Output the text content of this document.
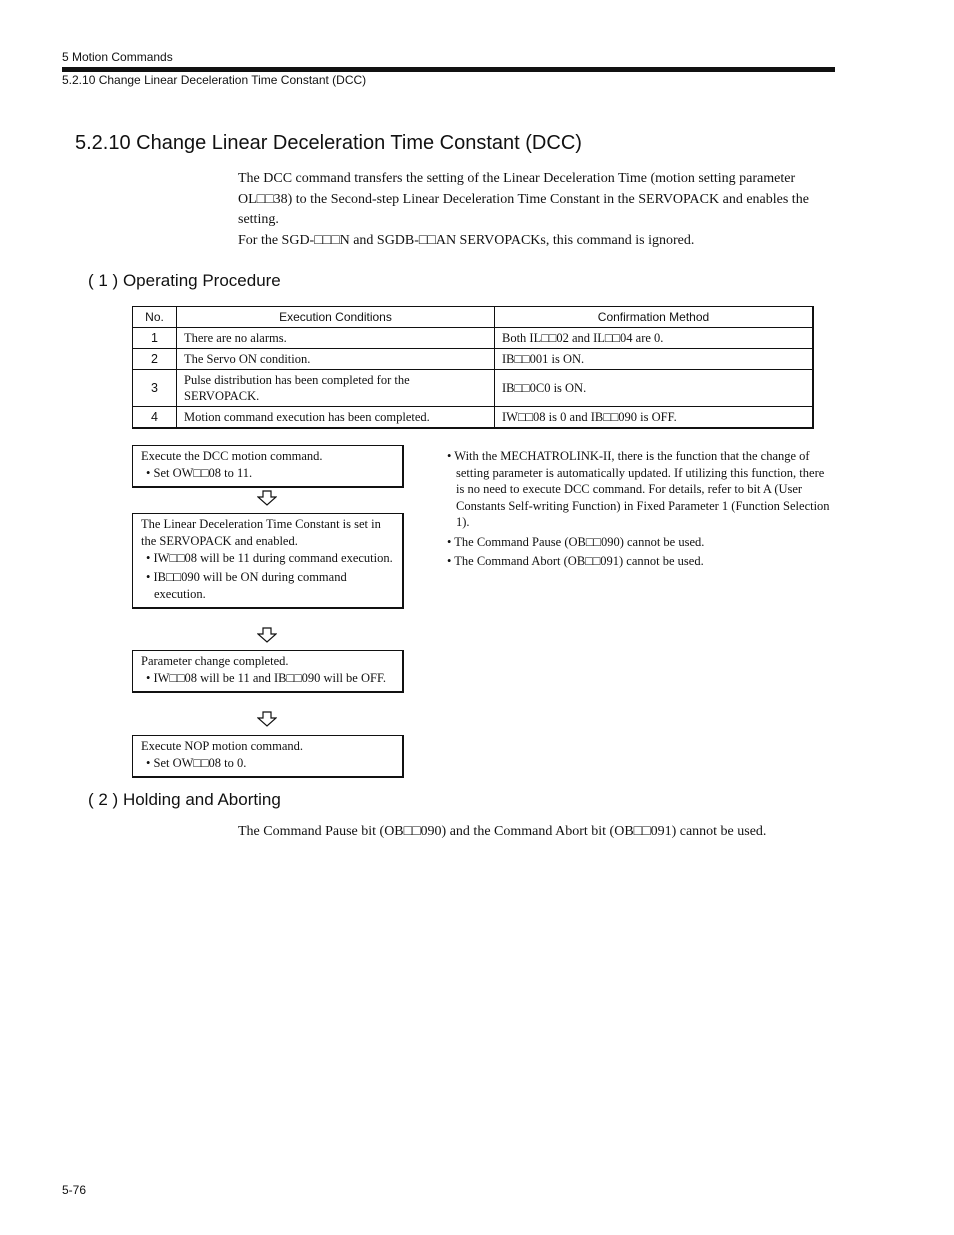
5 Motion Commands
5.2.10 Change Linear Deceleration Time Constant (DCC)
5.2.10 Change Linear Deceleration Time Constant (DCC)

The DCC command transfers the setting of the Linear Deceleration Time (motion setting parameter OL□□38) to the Second-step Linear Deceleration Time Constant in the SERVOPACK and enables the setting.

For the SGD-□□□N and SGDB-□□AN SERVOPACKs, this command is ignored.

( 1 ) Operating Procedure
No.	Execution Conditions	Confirmation Method
1	There are no alarms.	Both IL□□02 and IL□□04 are 0.
2	The Servo ON condition.	IB□□001 is ON.
3	Pulse distribution has been completed for the SERVOPACK.	IB□□0C0 is ON.
4	Motion command execution has been completed.	IW□□08 is 0 and IB□□090 is OFF.

Execute the DCC motion command.

• Set OW□□08 to 11.

The Linear Deceleration Time Constant is set in the SERVOPACK and enabled.

• IW□□08 will be 11 during command execution.
• IB□□090 will be ON during command execution.

Parameter change completed.

• IW□□08 will be 11 and IB□□090 will be OFF.

Execute NOP motion command.

• Set OW□□08 to 0.
• With the MECHATROLINK-II, there is the function that the change of setting parameter is automatically updated. If utilizing this function, there is no need to execute DCC command. For details, refer to bit A (User Constants Self-writing Function) in Fixed Parameter 1 (Function Selection 1).
• The Command Pause (OB□□090) cannot be used.
• The Command Abort (OB□□091) cannot be used.
( 2 ) Holding and Aborting
The Command Pause bit (OB□□090) and the Command Abort bit (OB□□091) cannot be used.
5-76
